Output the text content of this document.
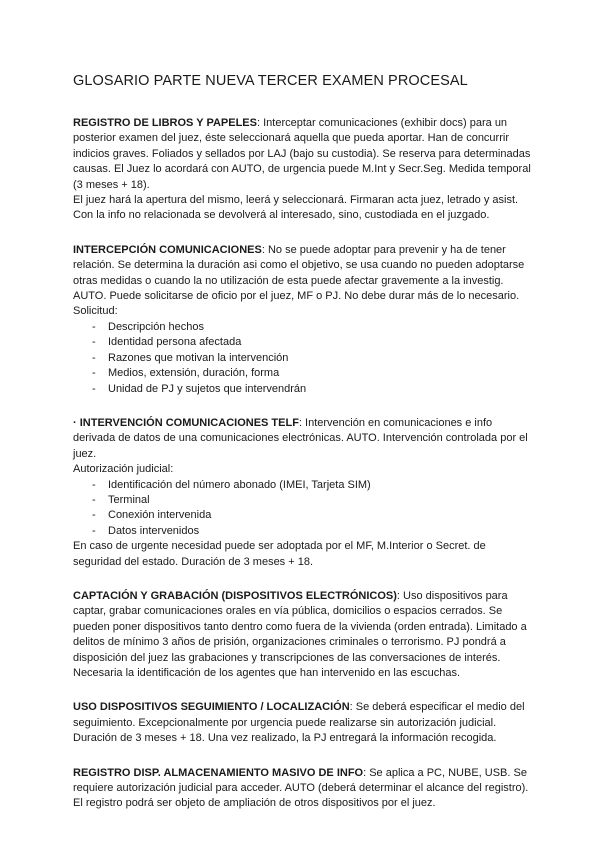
GLOSARIO PARTE NUEVA TERCER EXAMEN PROCESAL

REGISTRO DE LIBROS Y PAPELES: Interceptar comunicaciones (exhibir docs) para un posterior examen del juez, éste seleccionará aquella que pueda aportar. Han de concurrir indicios graves. Foliados y sellados por LAJ (bajo su custodia). Se reserva para determinadas causas. El Juez lo acordará con AUTO, de urgencia puede M.Int y Secr.Seg. Medida temporal (3 meses + 18).

El juez hará la apertura del mismo, leerá y seleccionará. Firmaran acta juez, letrado y asist. Con la info no relacionada se devolverá al interesado, sino, custodiada en el juzgado.

INTERCEPCIÓN COMUNICACIONES: No se puede adoptar para prevenir y ha de tener relación. Se determina la duración asi como el objetivo, se usa cuando no pueden adoptarse otras medidas o cuando la no utilización de esta puede afectar gravemente a la investig. AUTO. Puede solicitarse de oficio por el juez, MF o PJ. No debe durar más de lo necesario.

Solicitud:

- Descripción hechos
- Identidad persona afectada
- Razones que motivan la intervención
- Medios, extensión, duración, forma
- Unidad de PJ y sujetos que intervendrán

· INTERVENCIÓN COMUNICACIONES TELF: Intervención en comunicaciones e info derivada de datos de una comunicaciones electrónicas. AUTO. Intervención controlada por el juez.

Autorización judicial:

- Identificación del número abonado (IMEI, Tarjeta SIM)
- Terminal
- Conexión intervenida
- Datos intervenidos

En caso de urgente necesidad puede ser adoptada por el MF, M.Interior o Secret. de seguridad del estado. Duración de 3 meses + 18.

CAPTACIÓN Y GRABACIÓN (DISPOSITIVOS ELECTRÓNICOS): Uso dispositivos para captar, grabar comunicaciones orales en vía pública, domicilios o espacios cerrados. Se pueden poner dispositivos tanto dentro como fuera de la vivienda (orden entrada). Limitado a delitos de mínimo 3 años de prisión, organizaciones criminales o terrorismo. PJ pondrá a disposición del juez las grabaciones y transcripciones de las conversaciones de interés. Necesaria la identificación de los agentes que han intervenido en las escuchas.

USO DISPOSITIVOS SEGUIMIENTO / LOCALIZACIÓN: Se deberá especificar el medio del seguimiento. Excepcionalmente por urgencia puede realizarse sin autorización judicial. Duración de 3 meses + 18. Una vez realizado, la PJ entregará la información recogida.

REGISTRO DISP. ALMACENAMIENTO MASIVO DE INFO: Se aplica a PC, NUBE, USB. Se requiere autorización judicial para acceder. AUTO (deberá determinar el alcance del registro). El registro podrá ser objeto de ampliación de otros dispositivos por el juez.
